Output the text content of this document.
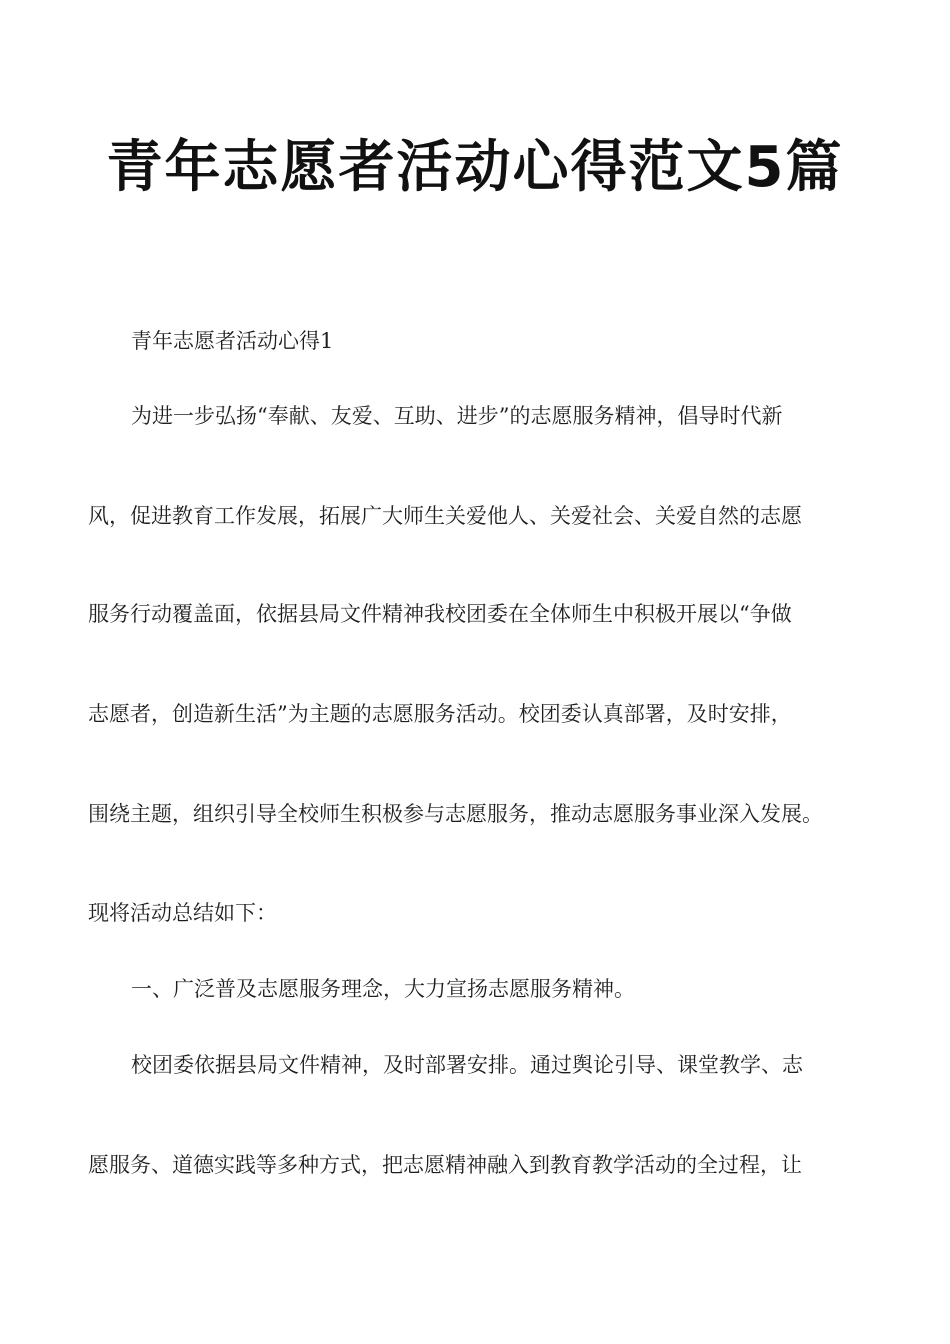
青年志愿者活动心得范文5篇
青年志愿者活动心得1
为进一步弘扬“奉献、友爱、互助、进步”的志愿服务精神，倡导时代新
风，促进教育工作发展，拓展广大师生关爱他人、关爱社会、关爱自然的志愿
服务行动覆盖面，依据县局文件精神我校团委在全体师生中积极开展以“争做
志愿者，创造新生活”为主题的志愿服务活动。校团委认真部署，及时安排，
围绕主题，组织引导全校师生积极参与志愿服务，推动志愿服务事业深入发展。
现将活动总结如下：
一、广泛普及志愿服务理念，大力宣扬志愿服务精神。
校团委依据县局文件精神，及时部署安排。通过舆论引导、课堂教学、志
愿服务、道德实践等多种方式，把志愿精神融入到教育教学活动的全过程，让
